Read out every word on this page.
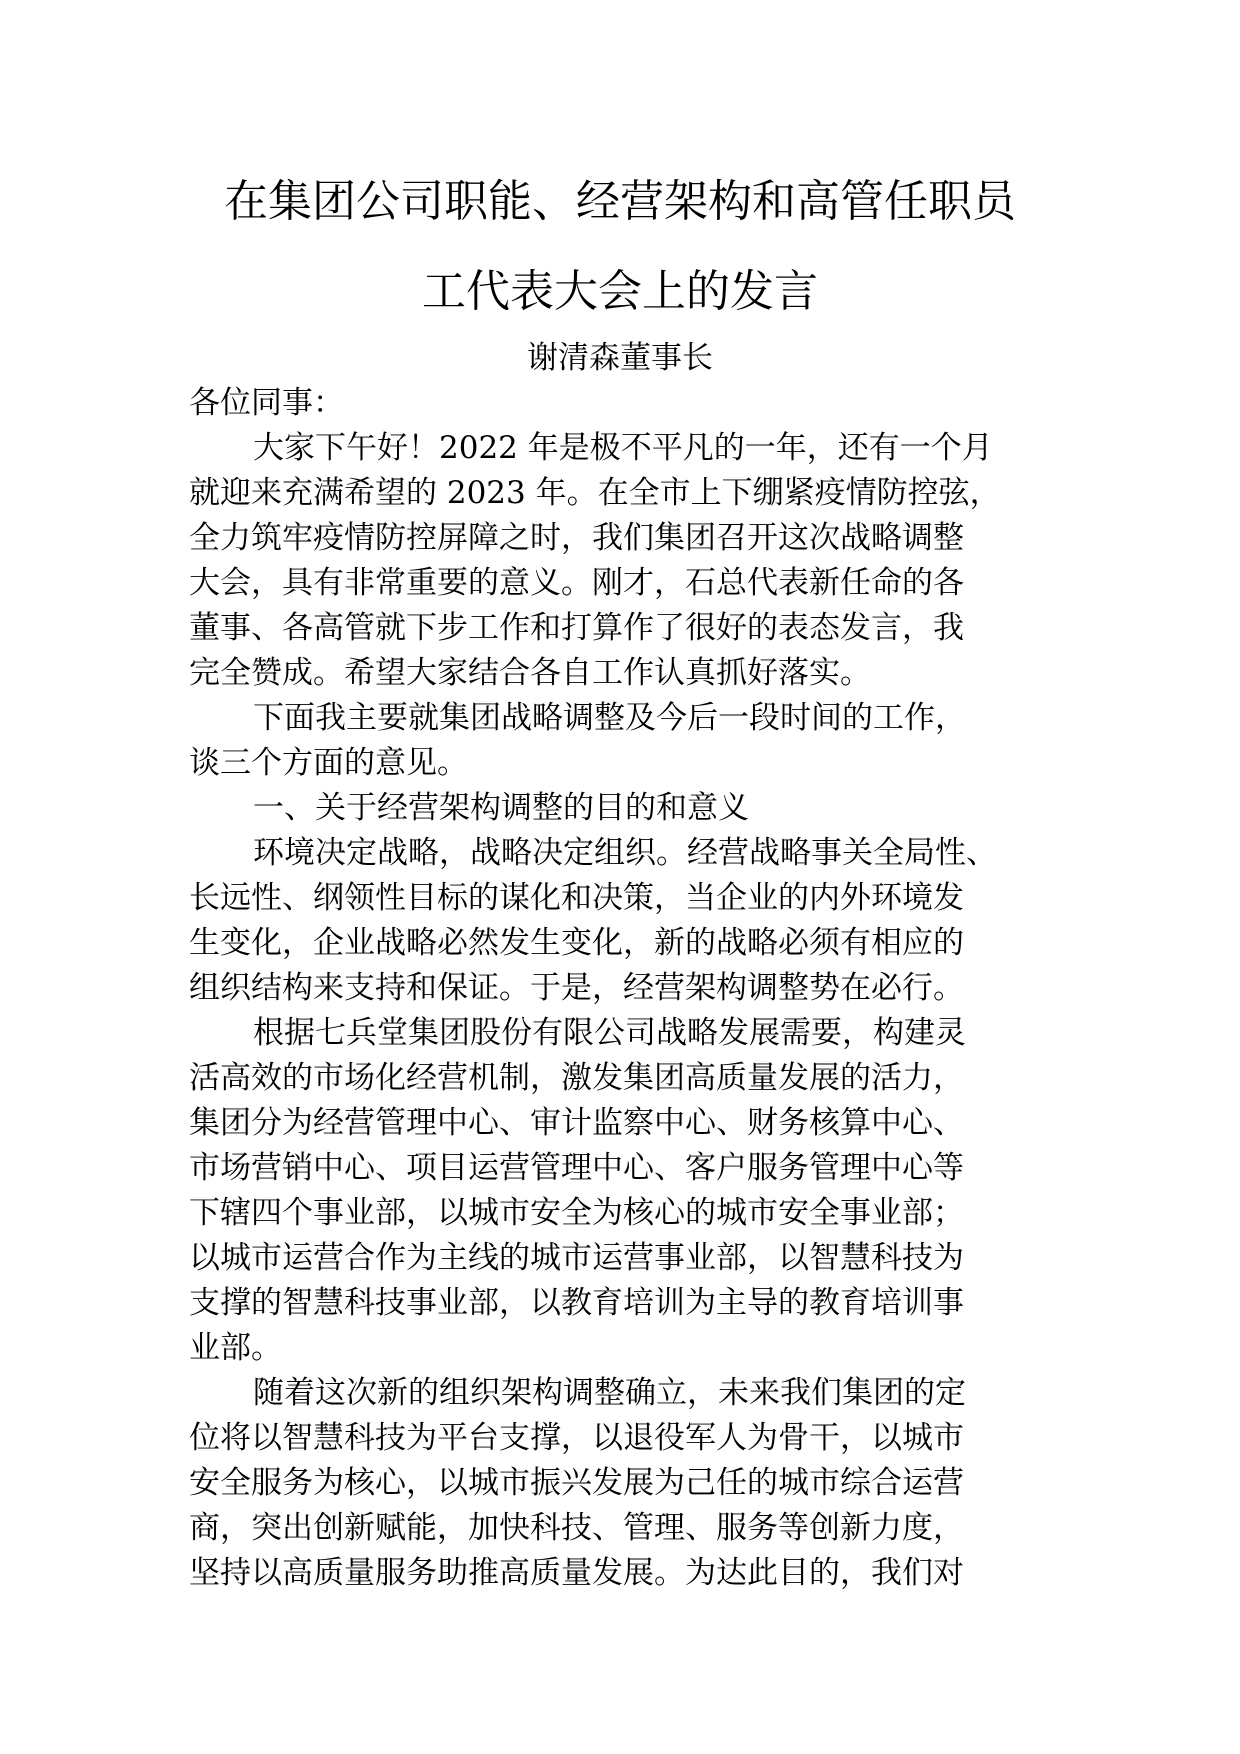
在集团公司职能、经营架构和高管任职员
工代表大会上的发言
谢清森董事长
各位同事：
大家下午好！2022 年是极不平凡的一年，还有一个月
就迎来充满希望的 2023 年。在全市上下绷紧疫情防控弦，
全力筑牢疫情防控屏障之时，我们集团召开这次战略调整
大会，具有非常重要的意义。刚才，石总代表新任命的各
董事、各高管就下步工作和打算作了很好的表态发言，我
完全赞成。希望大家结合各自工作认真抓好落实。
下面我主要就集团战略调整及今后一段时间的工作，
谈三个方面的意见。
一、关于经营架构调整的目的和意义
环境决定战略，战略决定组织。经营战略事关全局性、
长远性、纲领性目标的谋化和决策，当企业的内外环境发
生变化，企业战略必然发生变化，新的战略必须有相应的
组织结构来支持和保证。于是，经营架构调整势在必行。
根据七兵堂集团股份有限公司战略发展需要，构建灵
活高效的市场化经营机制，激发集团高质量发展的活力，
集团分为经营管理中心、审计监察中心、财务核算中心、
市场营销中心、项目运营管理中心、客户服务管理中心等
下辖四个事业部，以城市安全为核心的城市安全事业部；
以城市运营合作为主线的城市运营事业部，以智慧科技为
支撑的智慧科技事业部，以教育培训为主导的教育培训事
业部。
随着这次新的组织架构调整确立，未来我们集团的定
位将以智慧科技为平台支撑，以退役军人为骨干，以城市
安全服务为核心，以城市振兴发展为己任的城市综合运营
商，突出创新赋能，加快科技、管理、服务等创新力度，
坚持以高质量服务助推高质量发展。为达此目的，我们对
